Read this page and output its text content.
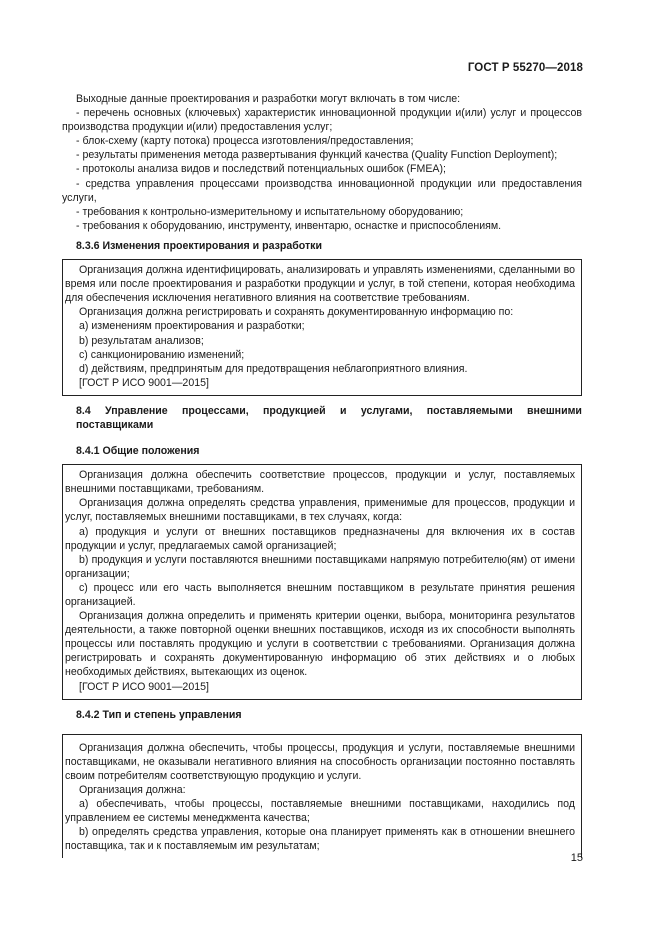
ГОСТ Р 55270—2018

Выходные данные проектирования и разработки могут включать в том числе:

- перечень основных (ключевых) характеристик инновационной продукции и(или) услуг и процессов производства продукции и(или) предоставления услуг;

- блок-схему (карту потока) процесса изготовления/предоставления;

- результаты применения метода развертывания функций качества (Quality Function Deployment);

- протоколы анализа видов и последствий потенциальных ошибок (FMEA);

- средства управления процессами производства инновационной продукции или предоставления услуги,

- требования к контрольно-измерительному и испытательному оборудованию;

- требования к оборудованию, инструменту, инвентарю, оснастке и приспособлениям.

8.3.6 Изменения проектирования и разработки

Организация должна идентифицировать, анализировать и управлять изменениями, сделанными во время или после проектирования и разработки продукции и услуг, в той степени, которая необходима для обеспечения исключения негативного влияния на соответствие требованиям.

Организация должна регистрировать и сохранять документированную информацию по:

a) изменениям проектирования и разработки;

b) результатам анализов;

c) санкционированию изменений;

d) действиям, предпринятым для предотвращения неблагоприятного влияния.

[ГОСТ Р ИСО 9001—2015]

8.4 Управление процессами, продукцией и услугами, поставляемыми внешними

поставщиками

8.4.1 Общие положения

Организация должна обеспечить соответствие процессов, продукции и услуг, поставляемых внешними поставщиками, требованиям.

Организация должна определять средства управления, применимые для процессов, продукции и услуг, поставляемых внешними поставщиками, в тех случаях, когда:

a) продукция и услуги от внешних поставщиков предназначены для включения их в состав продукции и услуг, предлагаемых самой организацией;

b) продукция и услуги поставляются внешними поставщиками напрямую потребителю(ям) от имени организации;

c) процесс или его часть выполняется внешним поставщиком в результате принятия решения организацией.

Организация должна определить и применять критерии оценки, выбора, мониторинга результатов деятельности, а также повторной оценки внешних поставщиков, исходя из их способности выполнять процессы или поставлять продукцию и услуги в соответствии с требованиями. Организация должна регистрировать и сохранять документированную информацию об этих действиях и о любых необходимых действиях, вытекающих из оценок.

[ГОСТ Р ИСО 9001—2015]

8.4.2 Тип и степень управления

Организация должна обеспечить, чтобы процессы, продукция и услуги, поставляемые внешними поставщиками, не оказывали негативного влияния на способность организации постоянно поставлять своим потребителям соответствующую продукцию и услуги.

Организация должна:

a) обеспечивать, чтобы процессы, поставляемые внешними поставщиками, находились под управлением ее системы менеджмента качества;

b) определять средства управления, которые она планирует применять как в отношении внешнего поставщика, так и к поставляемым им результатам;

15
